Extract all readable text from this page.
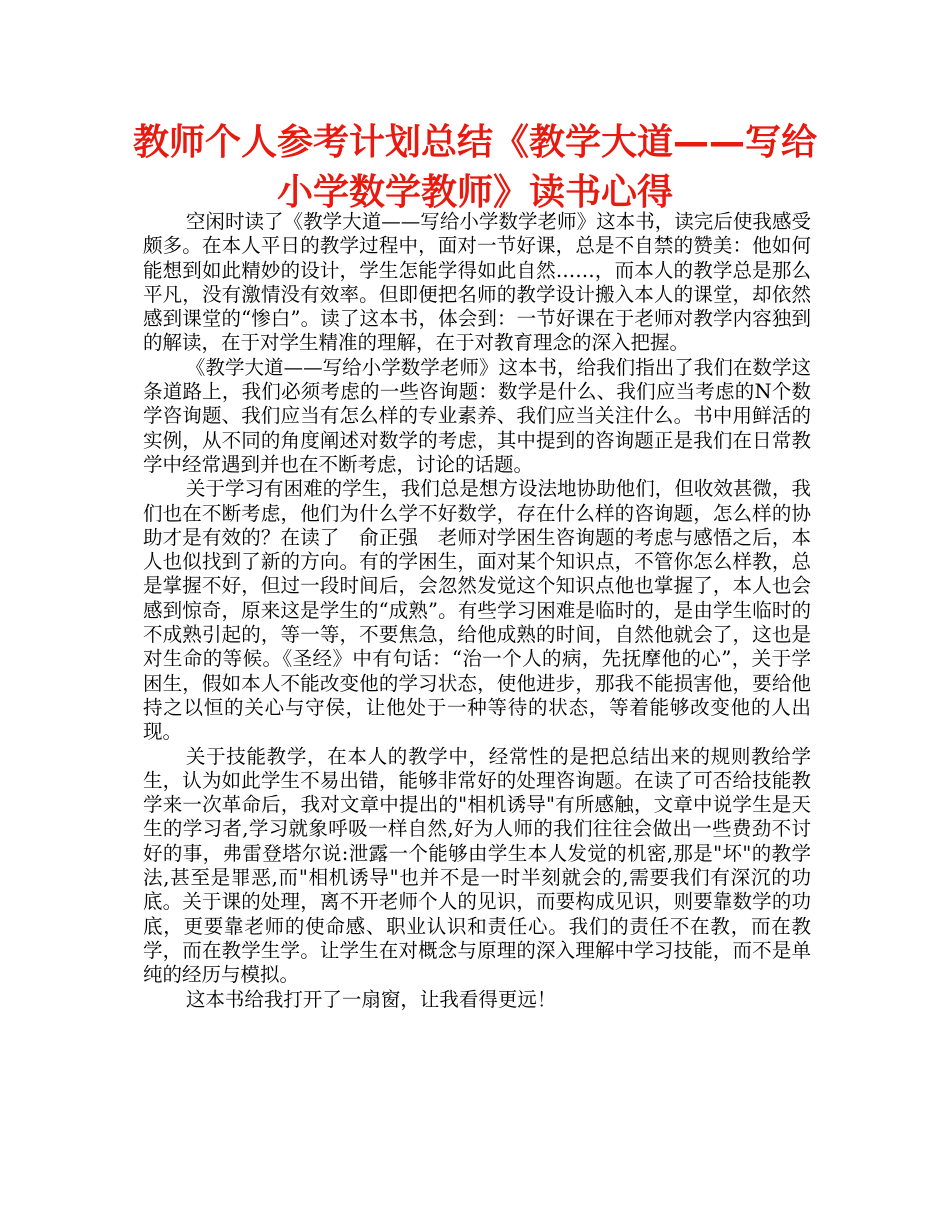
教师个人参考计划总结《教学大道——写给小学数学教师》读书心得

空闲时读了《教学大道——写给小学数学老师》这本书，读完后使我感受颇多。在本人平日的教学过程中，面对一节好课，总是不自禁的赞美：他如何能想到如此精妙的设计，学生怎能学得如此自然……，而本人的教学总是那么平凡，没有激情没有效率。但即便把名师的教学设计搬入本人的课堂，却依然感到课堂的“惨白”。读了这本书，体会到：一节好课在于老师对教学内容独到的解读，在于对学生精准的理解，在于对教育理念的深入把握。

《教学大道——写给小学数学老师》这本书，给我们指出了我们在数学这条道路上，我们必须考虑的一些咨询题：数学是什么、我们应当考虑的N个数学咨询题、我们应当有怎么样的专业素养、我们应当关注什么。书中用鲜活的实例，从不同的角度阐述对数学的考虑，其中提到的咨询题正是我们在日常教学中经常遇到并也在不断考虑，讨论的话题。

关于学习有困难的学生，我们总是想方设法地协助他们，但收效甚微，我们也在不断考虑，他们为什么学不好数学，存在什么样的咨询题，怎么样的协助才是有效的？在读了　俞正强　老师对学困生咨询题的考虑与感悟之后，本人也似找到了新的方向。有的学困生，面对某个知识点，不管你怎么样教，总是掌握不好，但过一段时间后，会忽然发觉这个知识点他也掌握了，本人也会感到惊奇，原来这是学生的“成熟”。有些学习困难是临时的，是由学生临时的不成熟引起的，等一等，不要焦急，给他成熟的时间，自然他就会了，这也是对生命的等候。《圣经》中有句话：“治一个人的病，先抚摩他的心”，关于学困生，假如本人不能改变他的学习状态，使他进步，那我不能损害他，要给他持之以恒的关心与守侯，让他处于一种等待的状态，等着能够改变他的人出现。

关于技能教学，在本人的教学中，经常性的是把总结出来的规则教给学生，认为如此学生不易出错，能够非常好的处理咨询题。在读了可否给技能教学来一次革命后，我对文章中提出的"相机诱导"有所感触，文章中说学生是天生的学习者,学习就象呼吸一样自然,好为人师的我们往往会做出一些费劲不讨好的事，弗雷登塔尔说:泄露一个能够由学生本人发觉的机密,那是"坏"的教学法,甚至是罪恶,而"相机诱导"也并不是一时半刻就会的,需要我们有深沉的功底。关于课的处理，离不开老师个人的见识，而要构成见识，则要靠数学的功底，更要靠老师的使命感、职业认识和责任心。我们的责任不在教，而在教学，而在教学生学。让学生在对概念与原理的深入理解中学习技能，而不是单纯的经历与模拟。

这本书给我打开了一扇窗，让我看得更远！
